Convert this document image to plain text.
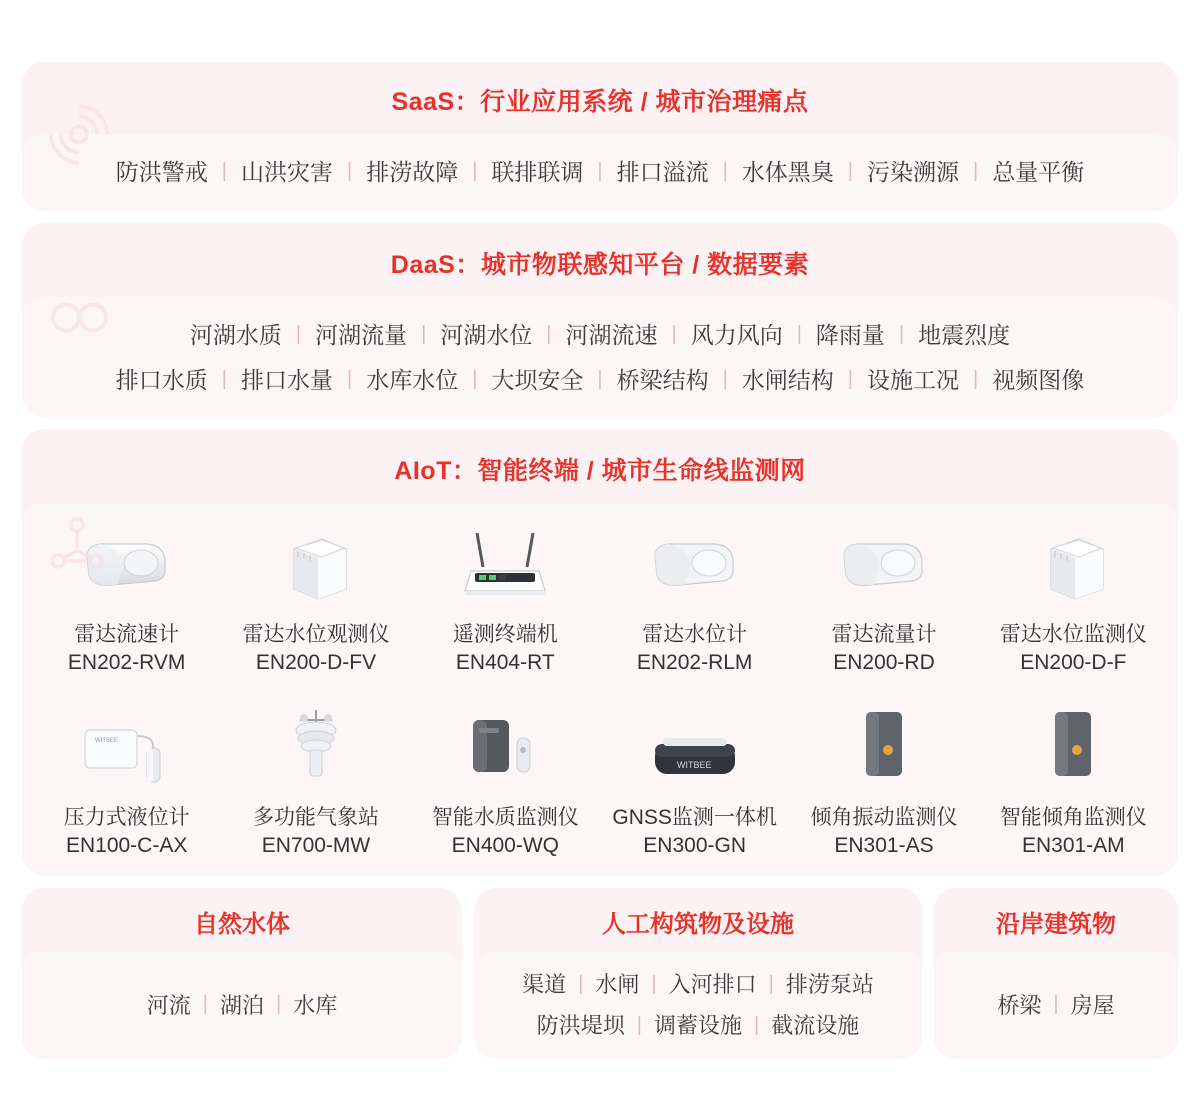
SaaS：行业应用系统 / 城市治理痛点
防洪警戒 | 山洪灾害 | 排涝故障 | 联排联调 | 排口溢流 | 水体黑臭 | 污染溯源 | 总量平衡
DaaS：城市物联感知平台 / 数据要素
河湖水质 | 河湖流量 | 河湖水位 | 河湖流速 | 风力风向 | 降雨量 | 地震烈度
排口水质 | 排口水量 | 水库水位 | 大坝安全 | 桥梁结构 | 水闸结构 | 设施工况 | 视频图像
AIoT：智能终端 / 城市生命线监测网
雷达流速计
EN202-RVM
雷达水位观测仪
EN200-D-FV
遥测终端机
EN404-RT
雷达水位计
EN202-RLM
雷达流量计
EN200-RD
雷达水位监测仪
EN200-D-F
WITBEE
压力式液位计
EN100-C-AX
多功能气象站
EN700-MW
智能水质监测仪
EN400-WQ
WITBEE
GNSS监测一体机
EN300-GN
倾角振动监测仪
EN301-AS
智能倾角监测仪
EN301-AM
自然水体
河流 | 湖泊 | 水库
人工构筑物及设施
渠道 | 水闸 | 入河排口 | 排涝泵站
防洪堤坝 | 调蓄设施 | 截流设施
沿岸建筑物
桥梁 | 房屋
